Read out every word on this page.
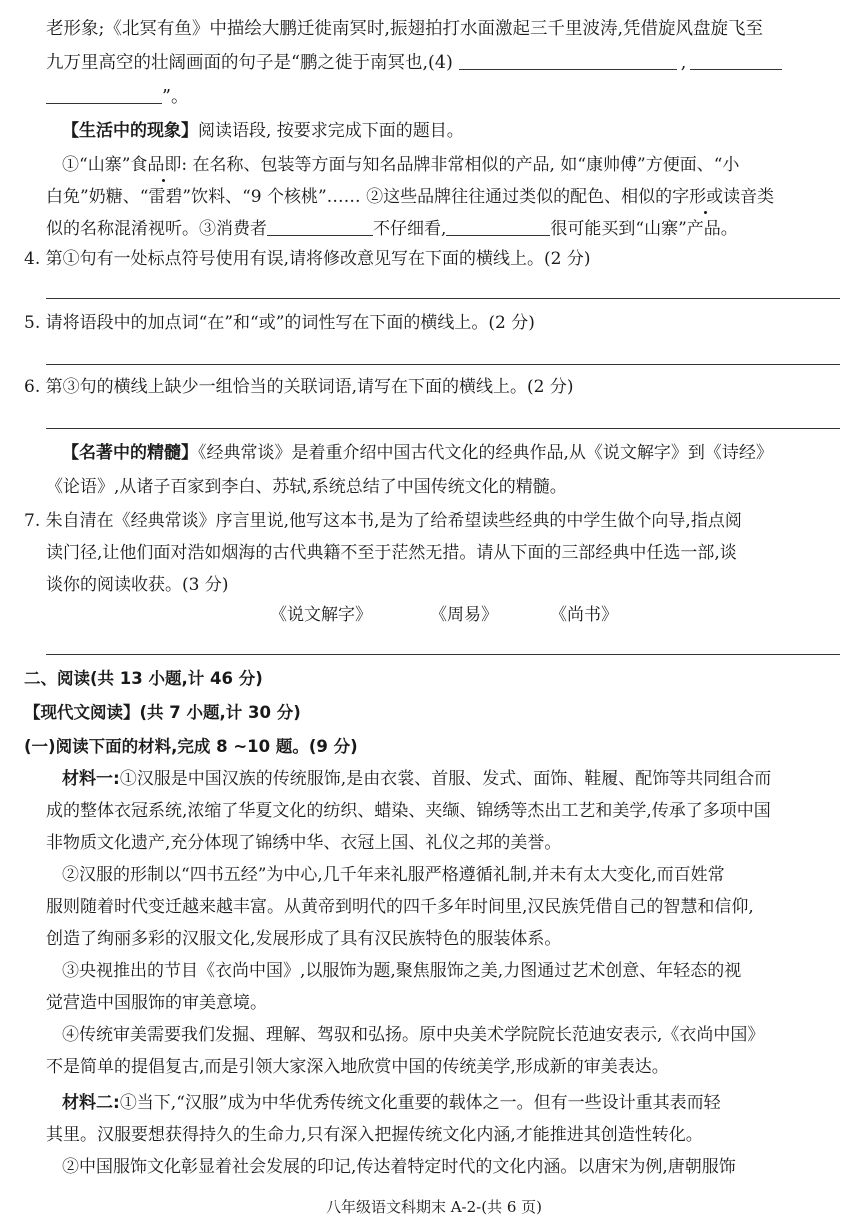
老形象;《北冥有鱼》中描绘大鹏迁徙南冥时,振翅拍打水面激起三千里波涛,凭借旋风盘旋飞至
九万里高空的壮阔画面的句子是“鹏之徙于南冥也,(4)	,
”。
【生活中的现象】阅读语段, 按要求完成下面的题目。
①“山寨”食品即: 在名称、包装等方面与知名品牌非常相似的产品, 如“康帅傅”方便面、“小
白免”奶糖、“雷碧”饮料、“9 个核桃”…… ②这些品牌往往通过类似的配色、相似的字形或读音类
似的名称混淆视听。③消费者	不仔细看,	很可能买到“山寨”产品。
4. 第①句有一处标点符号使用有误,请将修改意见写在下面的横线上。(2 分)
5. 请将语段中的加点词“在”和“或”的词性写在下面的横线上。(2 分)
6. 第③句的横线上缺少一组恰当的关联词语,请写在下面的横线上。(2 分)
【名著中的精髓】《经典常谈》是着重介绍中国古代文化的经典作品,从《说文解字》到《诗经》
《论语》,从诸子百家到李白、苏轼,系统总结了中国传统文化的精髓。
7. 朱自清在《经典常谈》序言里说,他写这本书,是为了给希望读些经典的中学生做个向导,指点阅
读门径,让他们面对浩如烟海的古代典籍不至于茫然无措。请从下面的三部经典中任选一部,谈
谈你的阅读收获。(3 分)
《说文解字》	《周易》	《尚书》
二、阅读(共 13 小题,计 46 分)
【现代文阅读】(共 7 小题,计 30 分)
(一)阅读下面的材料,完成 8 ~10 题。(9 分)
材料一:①汉服是中国汉族的传统服饰,是由衣裳、首服、发式、面饰、鞋履、配饰等共同组合而
成的整体衣冠系统,浓缩了华夏文化的纺织、蜡染、夹缬、锦绣等杰出工艺和美学,传承了多项中国
非物质文化遗产,充分体现了锦绣中华、衣冠上国、礼仪之邦的美誉。
②汉服的形制以“四书五经”为中心,几千年来礼服严格遵循礼制,并未有太大变化,而百姓常
服则随着时代变迁越来越丰富。从黄帝到明代的四千多年时间里,汉民族凭借自己的智慧和信仰,
创造了绚丽多彩的汉服文化,发展形成了具有汉民族特色的服装体系。
③央视推出的节目《衣尚中国》,以服饰为题,聚焦服饰之美,力图通过艺术创意、年轻态的视
觉营造中国服饰的审美意境。
④传统审美需要我们发掘、理解、驾驭和弘扬。原中央美术学院院长范迪安表示,《衣尚中国》
不是简单的提倡复古,而是引领大家深入地欣赏中国的传统美学,形成新的审美表达。
材料二:①当下,“汉服”成为中华优秀传统文化重要的载体之一。但有一些设计重其表而轻
其里。汉服要想获得持久的生命力,只有深入把握传统文化内涵,才能推进其创造性转化。
②中国服饰文化彰显着社会发展的印记,传达着特定时代的文化内涵。以唐宋为例,唐朝服饰
八年级语文科期末 A-2-(共 6 页)
